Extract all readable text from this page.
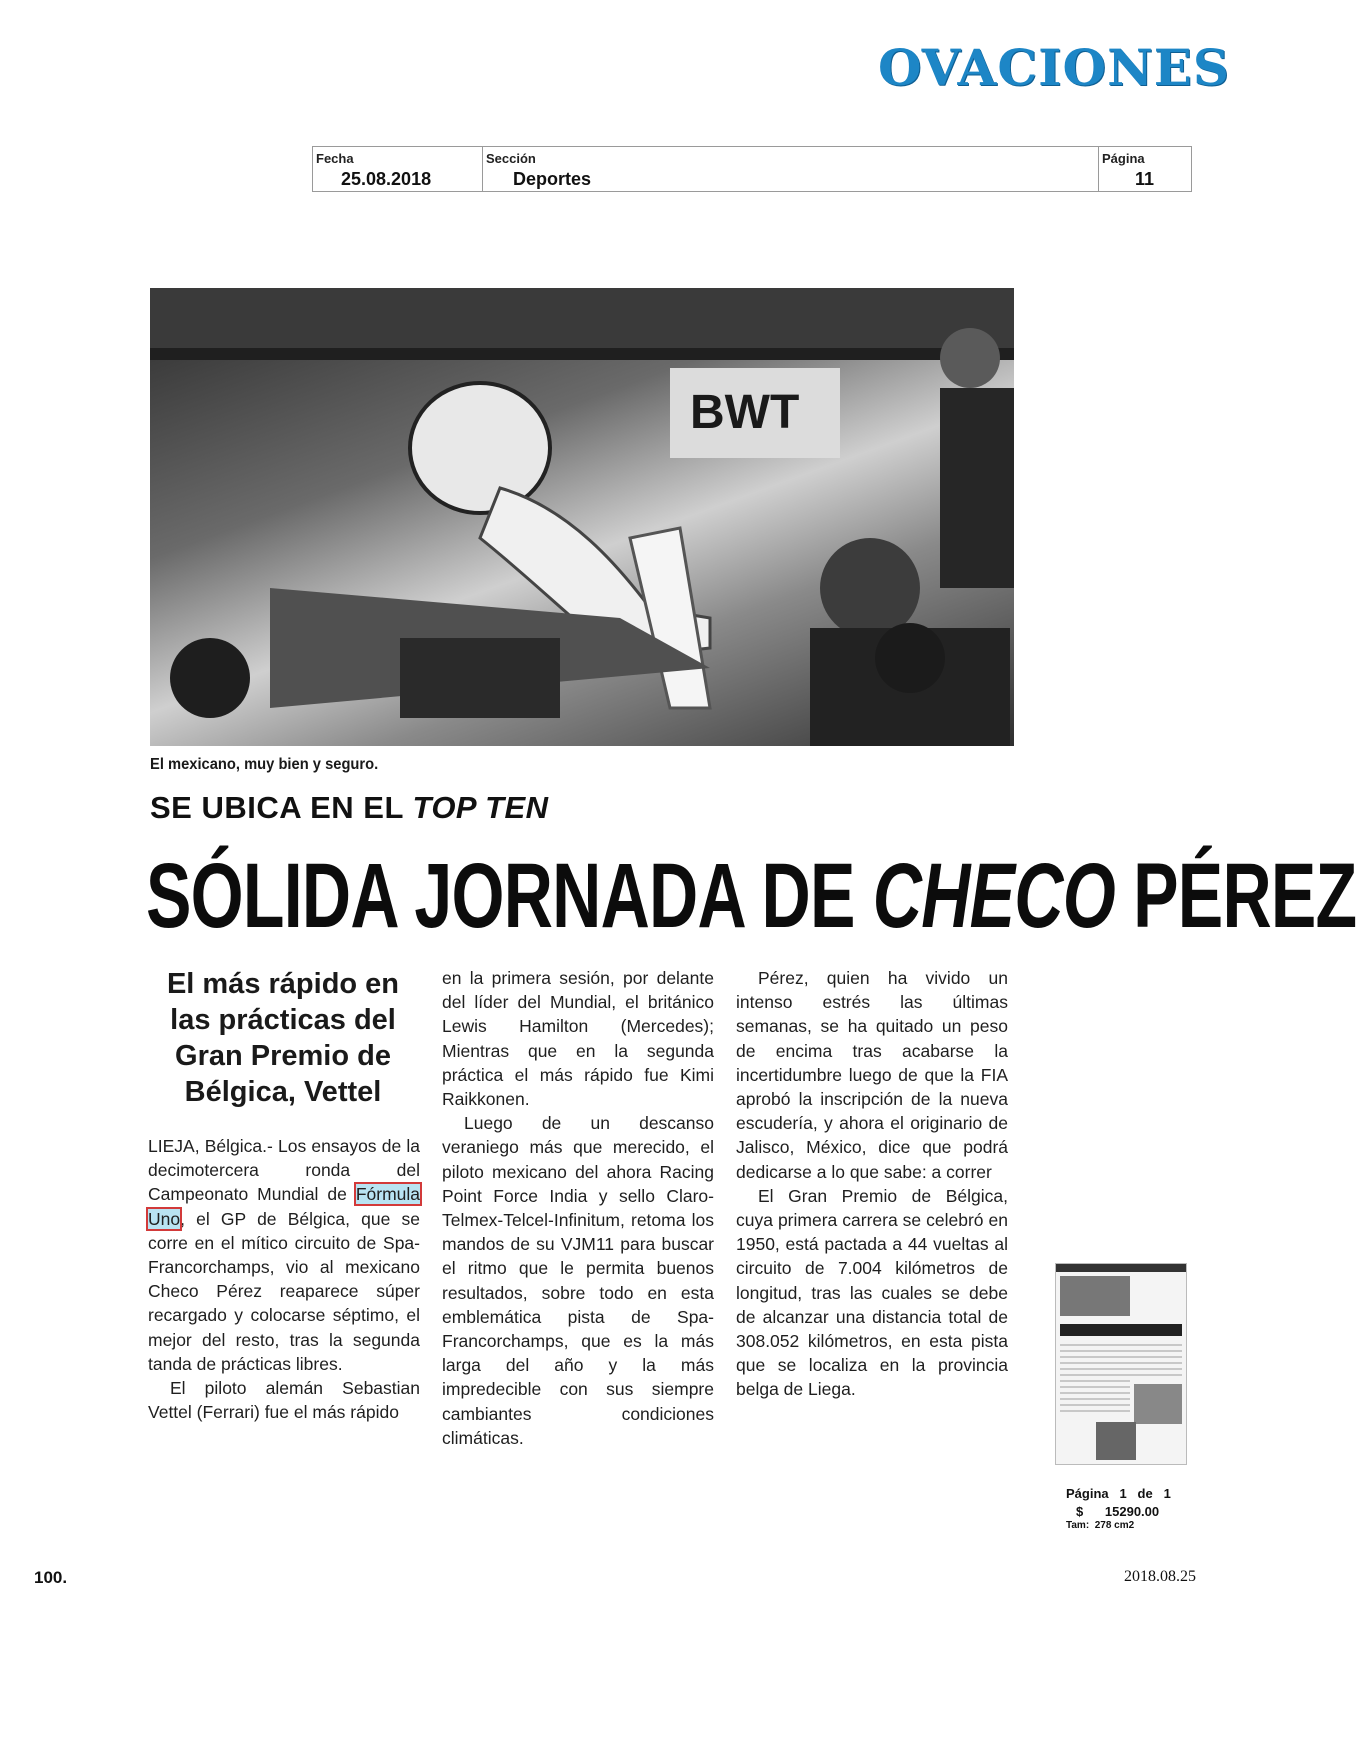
OVACIONES
Fecha
25.08.2018
Sección
Deportes
Página
11
BWT
El mexicano, muy bien y seguro.
SE UBICA EN EL TOP TEN
SÓLIDA JORNADA DE CHECO PÉREZ
El más rápido en las prácticas del Gran Premio de Bélgica, Vettel

LIEJA, Bélgica.- Los ensayos de la decimotercera ronda del Campeonato Mundial de Fórmula Uno, el GP de Bélgica, que se corre en el mítico circuito de Spa-Francorchamps, vio al mexicano Checo Pérez reaparece súper recargado y colocarse séptimo, el mejor del resto, tras la segunda tanda de prácticas libres.

El piloto alemán Sebastian Vettel (Ferrari) fue el más rápido

en la primera sesión, por delante del líder del Mundial, el británico Lewis Hamilton (Mercedes); Mientras que en la segunda práctica el más rápido fue Kimi Raikkonen.

Luego de un descanso veraniego más que merecido, el piloto mexicano del ahora Racing Point Force India y sello Claro-Telmex-Telcel-Infinitum, retoma los mandos de su VJM11 para buscar el ritmo que le permita buenos resultados, sobre todo en esta emblemática pista de Spa-Francorchamps, que es la más larga del año y la más impredecible con sus siempre cambiantes condiciones climáticas.

Pérez, quien ha vivido un intenso estrés las últimas semanas, se ha quitado un peso de encima tras acabarse la incertidumbre luego de que la FIA aprobó la inscripción de la nueva escudería, y ahora el originario de Jalisco, México, dice que podrá dedicarse a lo que sabe: a correr

El Gran Premio de Bélgica, cuya primera carrera se celebró en 1950, está pactada a 44 vueltas al circuito de 7.004 kilómetros de longitud, tras las cuales se debe de alcanzar una distancia total de 308.052 kilómetros, en esta pista que se localiza en la provincia belga de Liega.

Página 1 de 1
$ 15290.00
Tam: 278 cm2
100.	2018.08.25
